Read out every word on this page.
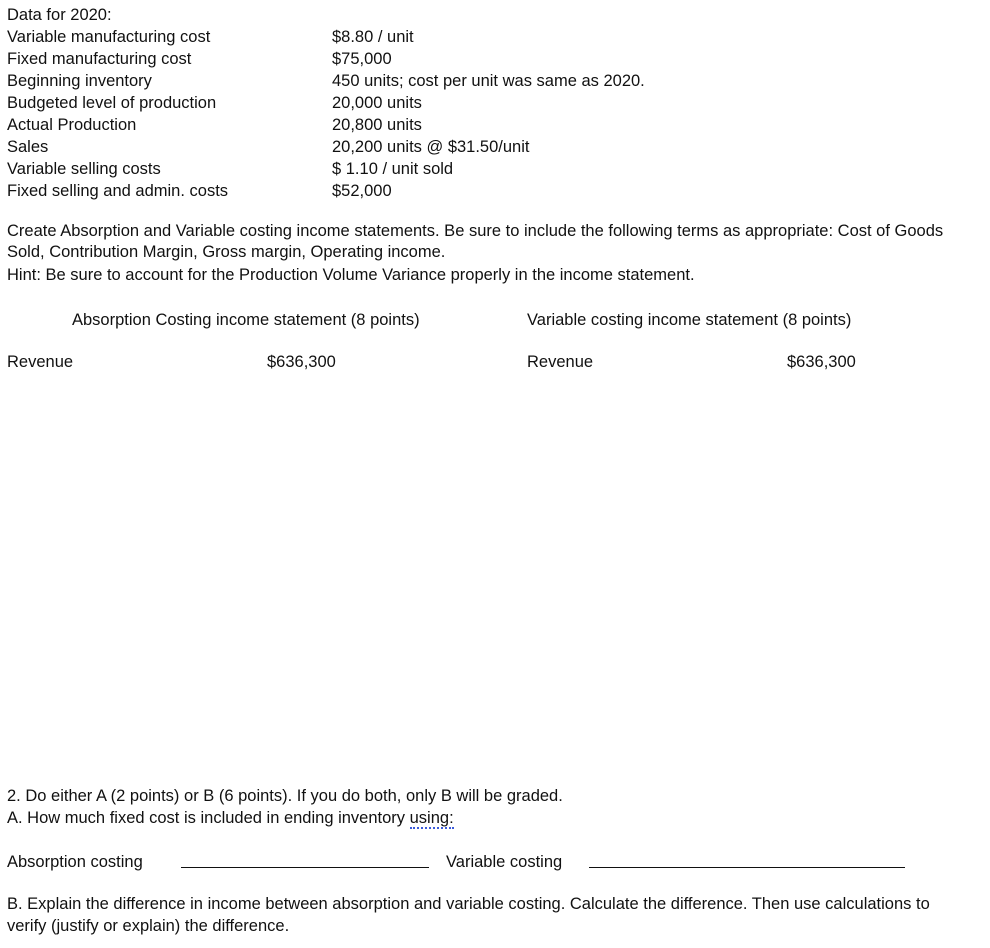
Data for 2020:
Variable manufacturing cost	$8.80 / unit
Fixed manufacturing cost	$75,000
Beginning inventory	450 units; cost per unit was same as 2020.
Budgeted level of production	20,000 units
Actual Production	20,800 units
Sales	20,200 units @ $31.50/unit
Variable selling costs	$ 1.10 / unit sold
Fixed selling and admin. costs	$52,000
Create Absorption and Variable costing income statements. Be sure to include the following terms as appropriate: Cost of Goods Sold, Contribution Margin, Gross margin, Operating income.
Hint: Be sure to account for the Production Volume Variance properly in the income statement.
Absorption Costing income statement (8 points)	Variable costing income statement (8 points)
Revenue	$636,300	Revenue	$636,300
2. Do either A (2 points) or B (6 points). If you do both, only B will be graded.
A. How much fixed cost is included in ending inventory using:
Absorption costing	Variable costing
B. Explain the difference in income between absorption and variable costing. Calculate the difference. Then use calculations to verify (justify or explain) the difference.
